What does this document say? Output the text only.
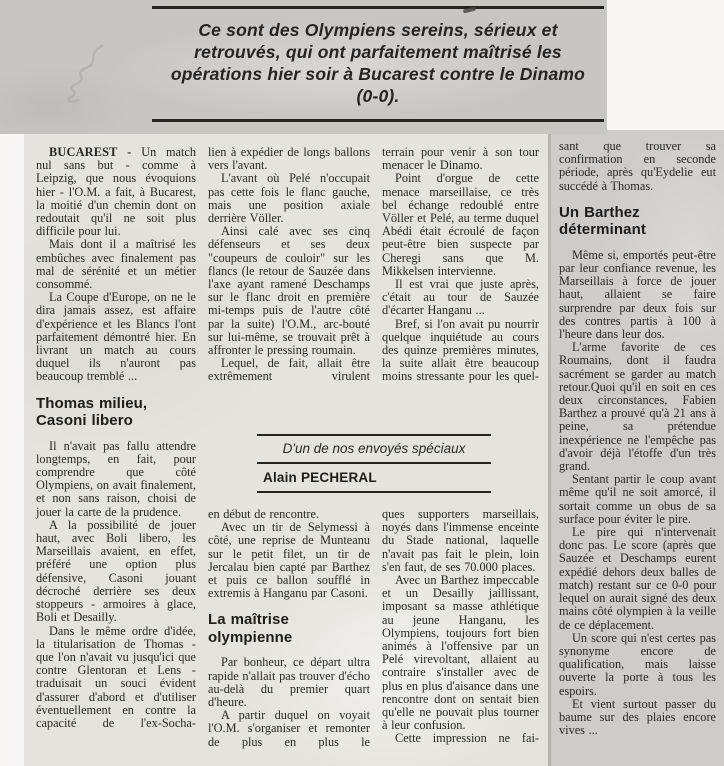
Ce sont des Olympiens sereins, sérieux et
retrouvés, qui ont parfaitement maîtrisé les
opérations hier soir à Bucarest contre le Dinamo
(0-0).

BUCAREST - Un match nul sans but - comme à Leipzig, que nous évoquions hier - l'O.M. a fait, à Bucarest, la moitié d'un chemin dont on redoutait qu'il ne soit plus difficile pour lui.

Mais dont il a maîtrisé les embûches avec finalement pas mal de sérénité et un métier consommé.

La Coupe d'Europe, on ne le dira jamais assez, est affaire d'expérience et les Blancs l'ont parfaitement démontré hier. En livrant un match au cours duquel ils n'auront pas beaucoup tremblé ...

Thomas milieu, Casoni libero

Il n'avait pas fallu attendre longtemps, en fait, pour comprendre que côté Olympiens, on avait finalement, et non sans raison, choisi de jouer la carte de la prudence.

A la possibilité de jouer haut, avec Boli libero, les Marseillais avaient, en effet, préféré une option plus défensive, Casoni jouant décroché derrière ses deux stoppeurs - armoires à glace, Boli et Desailly.

Dans le même ordre d'idée, la titularisation de Thomas - que l'on n'avait vu jusqu'ici que contre Glentoran et Lens - traduisait un souci évident d'assurer d'abord et d'utiliser éventuellement en contre la capacité de l'ex-Socha-

lien à expédier de longs ballons vers l'avant.

L'avant où Pelé n'occupait pas cette fois le flanc gauche, mais une position axiale derrière Völler.

Ainsi calé avec ses cinq défenseurs et ses deux "coupeurs de couloir" sur les flancs (le retour de Sauzée dans l'axe ayant ramené Deschamps sur le flanc droit en première mi-temps puis de l'autre côté par la suite) l'O.M., arc-bouté sur lui-même, se trouvait prêt à affronter le pressing roumain.

Lequel, de fait, allait être extrêmement virulent

D'un de nos envoyés spéciaux
Alain PECHERAL

en début de rencontre.

Avec un tir de Selymessi à côté, une reprise de Munteanu sur le petit filet, un tir de Jercalau bien capté par Barthez et puis ce ballon soufflé in extremis à Hanganu par Casoni.

La maîtrise olympienne

Par bonheur, ce départ ultra rapide n'allait pas trouver d'écho au-delà du premier quart d'heure.

A partir duquel on voyait l'O.M. s'organiser et remonter de plus en plus le

terrain pour venir à son tour menacer le Dinamo.

Point d'orgue de cette menace marseillaise, ce très bel échange redoublé entre Völler et Pelé, au terme duquel Abédi était écroulé de façon peut-être bien suspecte par Cheregi sans que M. Mikkelsen intervienne.

Il est vrai que juste après, c'était au tour de Sauzée d'écarter Hanganu ...

Bref, si l'on avait pu nourrir quelque inquiétude au cours des quinze premières minutes, la suite allait être beaucoup moins stressante pour les quel-

ques supporters marseillais, noyés dans l'immense enceinte du Stade national, laquelle n'avait pas fait le plein, loin s'en faut, de ses 70.000 places.

Avec un Barthez impeccable et un Desailly jaillissant, imposant sa masse athlétique au jeune Hanganu, les Olympiens, toujours fort bien animés à l'offensive par un Pelé virevoltant, allaient au contraire s'installer avec de plus en plus d'aisance dans une rencontre dont on sentait bien qu'elle ne pouvait plus tourner à leur confusion.

Cette impression ne fai-

sant que trouver sa confirmation en seconde période, après qu'Eydelie eut succédé à Thomas.

Un Barthez déterminant

Même si, emportés peut-être par leur confiance revenue, les Marseillais à force de jouer haut, allaient se faire surprendre par deux fois sur des contres partis à 100 à l'heure dans leur dos.

L'arme favorite de ces Roumains, dont il faudra sacrément se garder au match retour.Quoi qu'il en soit en ces deux circonstances, Fabien Barthez a prouvé qu'à 21 ans à peine, sa prétendue inexpérience ne l'empêche pas d'avoir déjà l'étoffe d'un très grand.

Sentant partir le coup avant même qu'il ne soit amorcé, il sortait comme un obus de sa surface pour éviter le pire.

Le pire qui n'intervenait donc pas. Le score (après que Sauzée et Deschamps eurent expédié dehors deux balles de match) restant sur ce 0-0 pour lequel on aurait signé des deux mains côté olympien à la veille de ce déplacement.

Un score qui n'est certes pas synonyme encore de qualification, mais laisse ouverte la porte à tous les espoirs.

Et vient surtout passer du baume sur des plaies encore vives ...
